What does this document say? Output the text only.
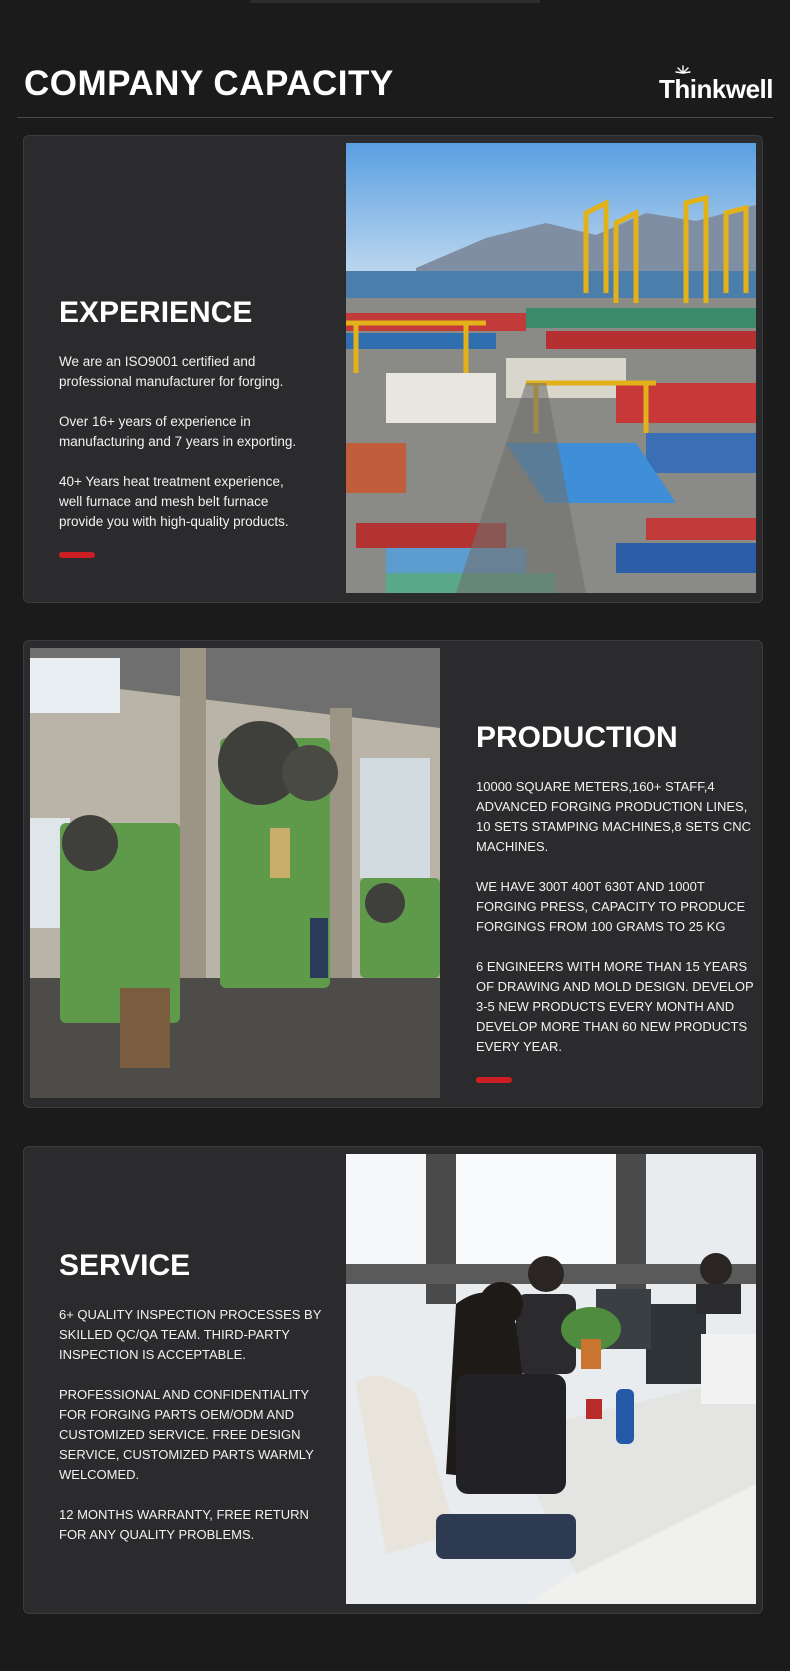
COMPANY CAPACITY	Thinkwell
EXPERIENCE

We are an ISO9001 certified and
professional manufacturer for forging.

Over 16+ years of experience in
manufacturing and 7 years in exporting.

40+ Years heat treatment experience,
well furnace and mesh belt furnace
provide you with high-quality products.

PRODUCTION

10000 SQUARE METERS,160+ STAFF,4
ADVANCED FORGING PRODUCTION LINES,
10 SETS STAMPING MACHINES,8 SETS CNC
MACHINES.

WE HAVE 300T 400T 630T AND 1000T
FORGING PRESS, CAPACITY TO PRODUCE
FORGINGS FROM 100 GRAMS TO 25 KG

6 ENGINEERS WITH MORE THAN 15 YEARS
OF DRAWING AND MOLD DESIGN. DEVELOP
3-5 NEW PRODUCTS EVERY MONTH AND
DEVELOP MORE THAN 60 NEW PRODUCTS
EVERY YEAR.

SERVICE

6+ QUALITY INSPECTION PROCESSES BY
SKILLED QC/QA TEAM. THIRD-PARTY
INSPECTION IS ACCEPTABLE.

PROFESSIONAL AND CONFIDENTIALITY
FOR FORGING PARTS OEM/ODM AND
CUSTOMIZED SERVICE. FREE DESIGN
SERVICE, CUSTOMIZED PARTS WARMLY
WELCOMED.

12 MONTHS WARRANTY, FREE RETURN
FOR ANY QUALITY PROBLEMS.
